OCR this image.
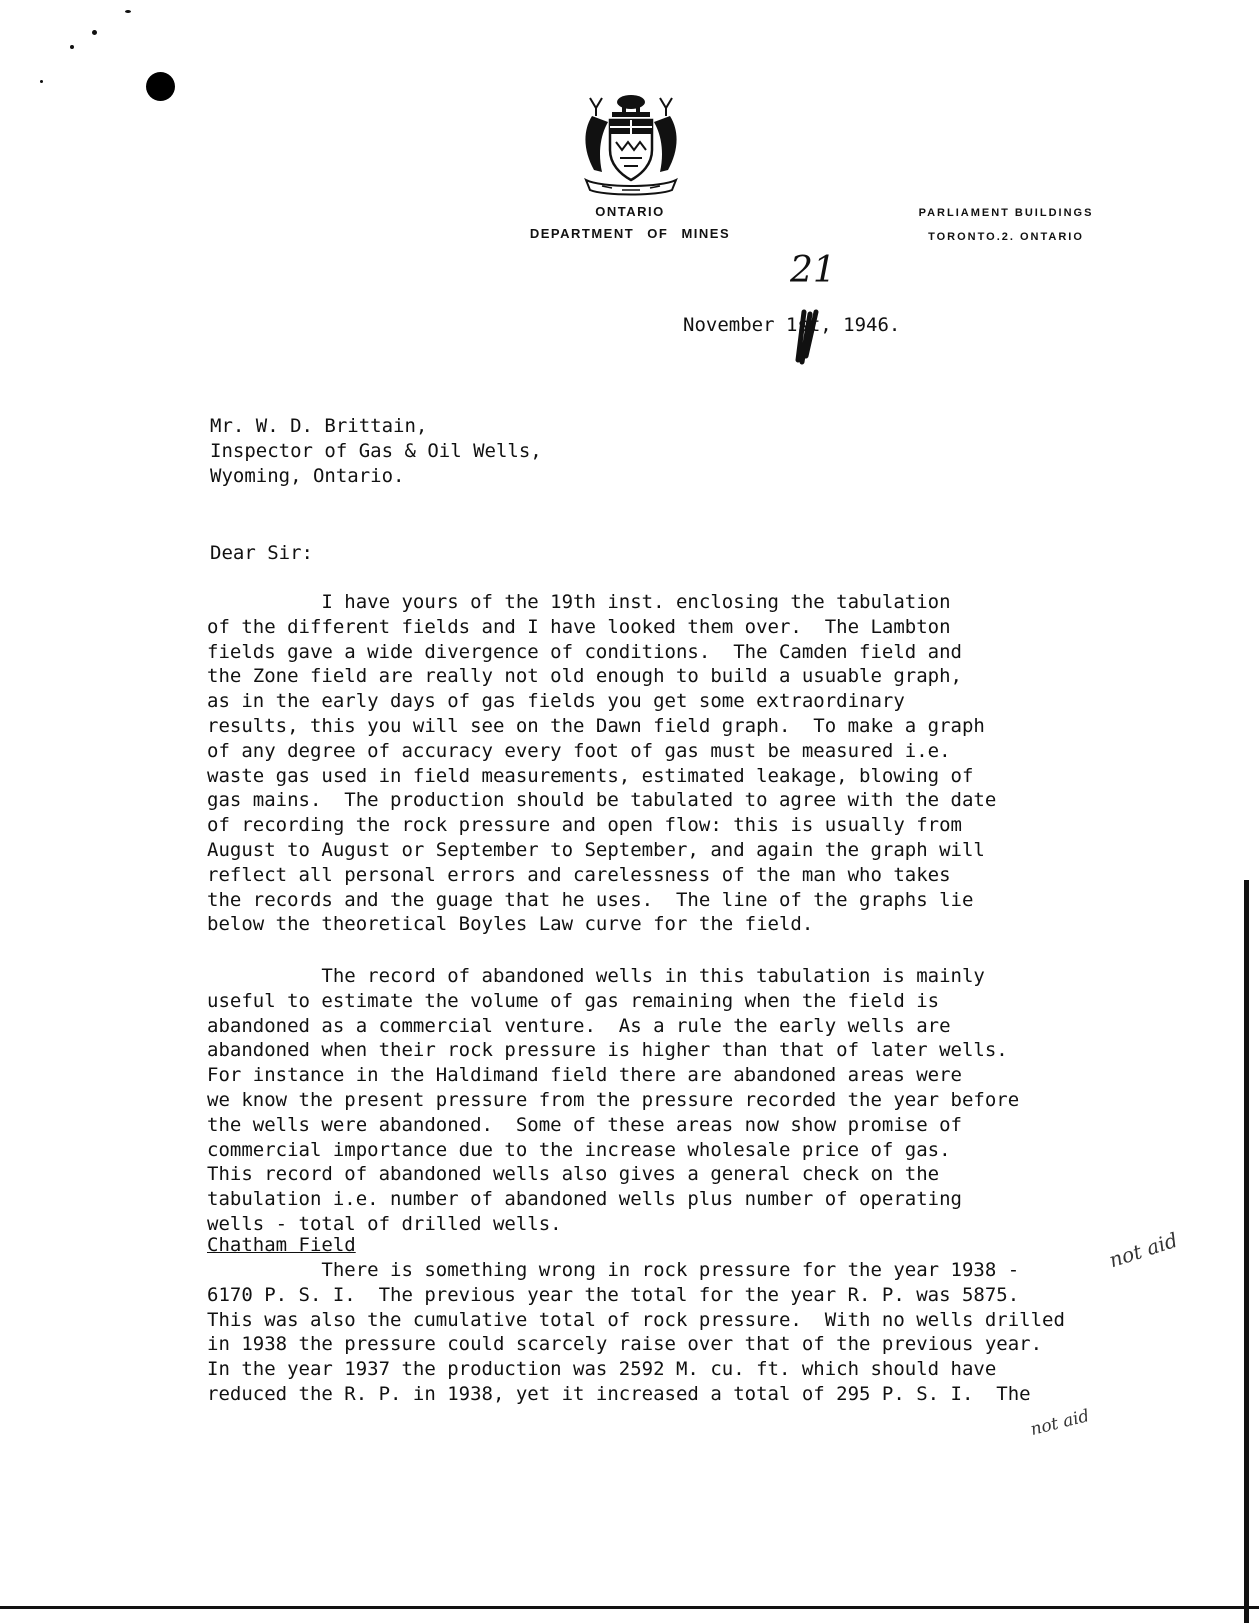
ONTARIO
DEPARTMENT OF MINES
PARLIAMENT BUILDINGS
TORONTO.2. ONTARIO
21
November 1st, 1946.
Mr. W. D. Brittain,
Inspector of Gas & Oil Wells,
Wyoming, Ontario.
Dear Sir:
I have yours of the 19th inst. enclosing the tabulation
of the different fields and I have looked them over.  The Lambton
fields gave a wide divergence of conditions.  The Camden field and
the Zone field are really not old enough to build a usuable graph,
as in the early days of gas fields you get some extraordinary
results, this you will see on the Dawn field graph.  To make a graph
of any degree of accuracy every foot of gas must be measured i.e.
waste gas used in field measurements, estimated leakage, blowing of
gas mains.  The production should be tabulated to agree with the date
of recording the rock pressure and open flow: this is usually from
August to August or September to September, and again the graph will
reflect all personal errors and carelessness of the man who takes
the records and the guage that he uses.  The line of the graphs lie
below the theoretical Boyles Law curve for the field.
The record of abandoned wells in this tabulation is mainly
useful to estimate the volume of gas remaining when the field is
abandoned as a commercial venture.  As a rule the early wells are
abandoned when their rock pressure is higher than that of later wells.
For instance in the Haldimand field there are abandoned areas were
we know the present pressure from the pressure recorded the year before
the wells were abandoned.  Some of these areas now show promise of
commercial importance due to the increase wholesale price of gas.
This record of abandoned wells also gives a general check on the
tabulation i.e. number of abandoned wells plus number of operating
wells - total of drilled wells.
Chatham Field
There is something wrong in rock pressure for the year 1938 -
6170 P. S. I.  The previous year the total for the year R. P. was 5875.
This was also the cumulative total of rock pressure.  With no wells drilled
in 1938 the pressure could scarcely raise over that of the previous year.
In the year 1937 the production was 2592 M. cu. ft. which should have
reduced the R. P. in 1938, yet it increased a total of 295 P. S. I.  The
not aid
not aid
